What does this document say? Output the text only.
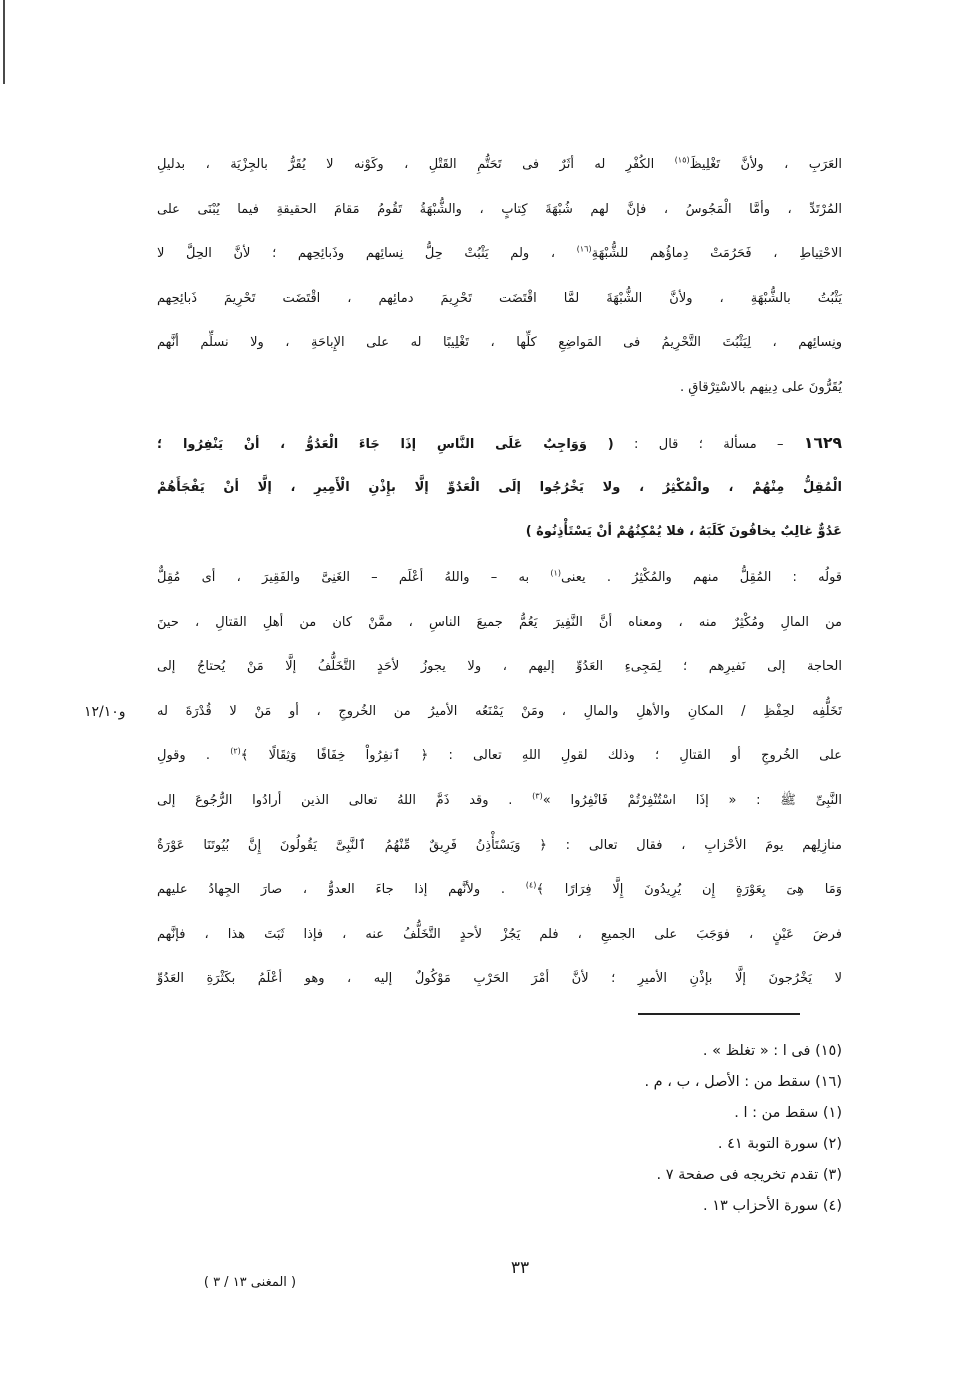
العَرَبِ ، ولأنَّ تَغْلِيظَ$^{(١٥)}$ الكُفْرِ له أثَرٌ فى تَحَتُّمِ القَتْلِ ، وكَوْنه لا يُقَرُّ بالجِزْيَة ، بدليلِ
المُرْتَدِّ ، وأمَّا الْمَجُوسُ ، فإنَّ لهم شُبْهَةَ كِتابٍ ، والشُّبْهَةُ تَقُومُ مَقامَ الحقيقةِ فيما يُبْنَى على
الاحْتِياطِ ، فَحَرُمَتْ دِماؤُهم للشُّبْهَةِ$^{(١٦)}$ ، ولم يَثْبُتْ حِلُّ نِسائِهم وذَبائِحِهم ؛ لأنَّ الحِلَّ لا
يَثْبُتُ بالشُّبْهَةِ ، ولأنَّ الشُّبْهَةَ لمَّا اقْتَضَت تَحْرِيمَ دمائِهم ، اقْتَضَت تَحْرِيمَ ذَبائِحِهم
ونِسائِهم ، لِيَثْبُتَ التَّحْرِيمُ فى المَواضِعِ كلِّها ، تَغْلِيبًا له على الإِباحَةِ ، ولا نسلِّم أنَّهم
يُقَرُّونَ على دِينِهم بالاسْتِرْقاقِ .
١٦٢٩ – مسألة ؛ قال : ( وَوَاجِبٌ عَلَى النَّاسِ إذَا جَاءَ الْعَدُوُّ ، أنْ يَنْفِرُوا ؛
الْمُقِلُّ مِنْهُمْ ، والْمُكْثِرُ ، ولا يَخْرُجُوا إلَى الْعَدُوِّ إلَّا بإِذْنِ الْأَمِيرِ ، إلَّا أنْ يَفْجَأَهُمْ
عَدُوٌّ غالِبٌ يخافُونَ كَلَبَهُ ، فلا يُمْكِنُهُمْ أنْ يَسْتَأْذِنُوهُ )
قولُه : المُقِلُّ منهم والمُكْثِرُ . يعنى$^{(١)}$ به – واللهُ أعْلَم – الغَنِىَّ والفَقِيرَ ، أى مُقِلٌّ
من المالِ ومُكْثِرٌ منه ، ومعناه أنَّ النَّفِيرَ يَعُمُّ جميعَ الناسِ ، ممَّنْ كان من أهلِ القتالِ ، حينَ
الحاجة إلى نَفيرِهم ؛ لِمَجِىءِ العَدُوِّ إليهم ، ولا يجوزُ لأحَدٍ التَّخَلُّفُ إلَّا مَنْ يُحتاجُ إلى
تَخَلُّفِه لحِفْظِ / المكانِ والأهلِ والمالِ ، ومَنْ يَمْنَعُه الأميرُ من الخُروجِ ، أو مَنْ لا قُدْرَةَ له
على الخُروجِ أو القتالِ ؛ وذلك لقولِ اللهِ تعالى : ﴿ ٱنفِرُواْ خِفَافًا وَثِقَالًا ﴾$^{(٢)}$ . وقولِ
النَّبِىِّ ﷺ : « إذَا اسْتُنْفِرْتُمْ فَانْفِرُوا »$^{(٣)}$ . وقد ذَمَّ اللهُ تعالى الذين أرادُوا الرُّجُوعَ إلى
منازِلِهم يومَ الأحْزابِ ، فقال تعالى : ﴿ وَيَسْتَأْذِنُ فَرِيقٌ مِّنْهُمُ ٱلنَّبِىَّ يَقُولُونَ إِنَّ بُيُوتَنَا عَوْرَةٌ
وَمَا هِىَ بِعَوْرَةٍ إِن يُرِيدُونَ إِلَّا فِرَارًا ﴾$^{(٤)}$ . ولأنَّهم إذا جاءَ العدوُّ ، صارَ الجِهادُ عليهم
فرضَ عَيْنٍ ، فوَجَبَ على الجميعِ ، فلم يَجُزْ لأحدٍ التَّخَلُّفُ عنه ، فإذا ثَبَتَ هذا ، فإنَّهم
لا يَخْرُجونَ إلَّا بإذْنِ الأميرِ ؛ لأنَّ أمْرَ الحَرْبِ مَوْكُولٌ إليه ، وهو أعْلَمُ بكَثْرَةِ العَدُوِّ
١٢/١٠و
(١٥) فى ا : « تغلظ » .
(١٦) سقط من : الأصل ، ب ، م .
(١) سقط من : ا .
(٢) سورة التوبة ٤١ .
(٣) تقدم تخريجه فى صفحة ٧ .
(٤) سورة الأحزاب ١٣ .
٣٣
( المغنى ١٣ / ٣ )
